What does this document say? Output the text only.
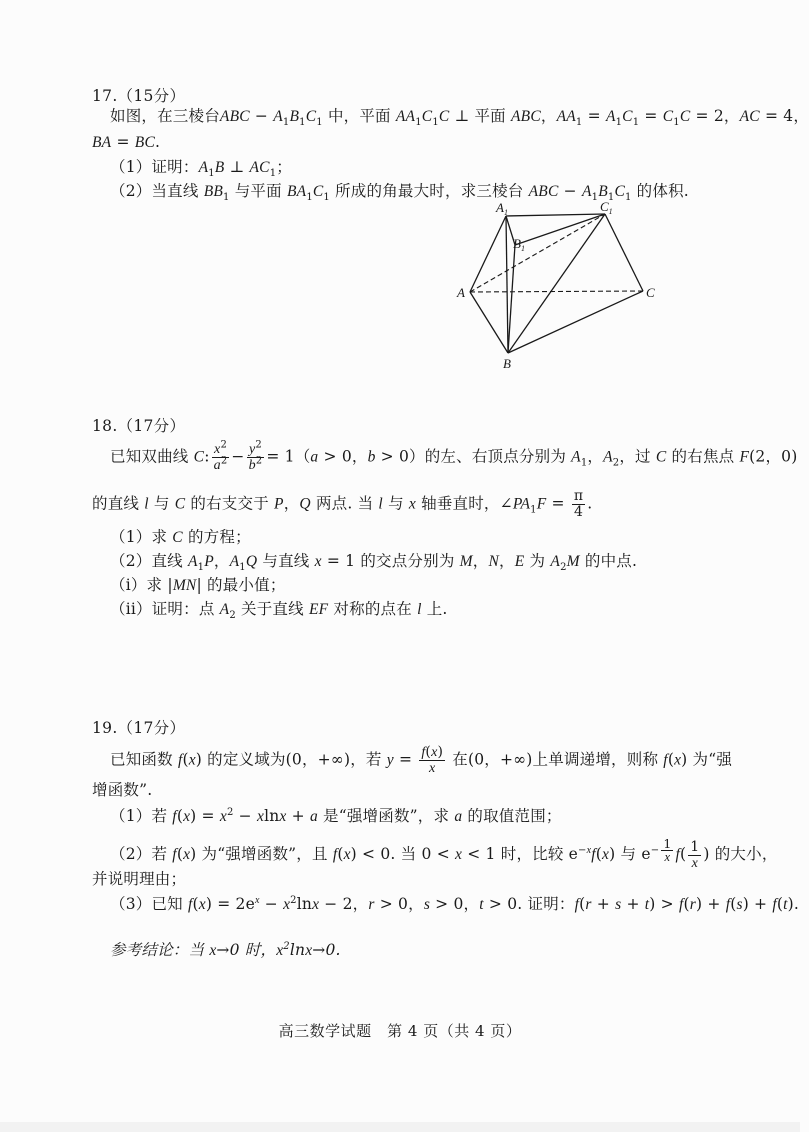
17.（15分）
如图，在三棱台ABC − $A_1B_1C_1$ 中，平面 $AA_1C_1C$ ⊥ 平面 ABC，$AA_1 = A_1C_1 = C_1C = 2$，AC = 4，
BA = BC.
（1）证明：$A_1B$ ⊥ $AC_1$；
（2）当直线 $BB_1$ 与平面 $BA_1C_1$ 所成的角最大时，求三棱台 ABC − $A_1B_1C_1$ 的体积.
$A_1$	$C_1$
$B_1$
A	C
B
18.（17分）
已知双曲线 C: $\frac{x^2}{a^2} - \frac{y^2}{b^2} = 1(a > 0$，b > 0）的左、右顶点分别为 $A_1$，$A_2$，过 C 的右焦点 F(2，0)
的直线 l 与 C 的右支交于 P，Q 两点. 当 l 与 x 轴垂直时，$\angle PA_1F = \frac{\pi}{4}$ .
（1）求 C 的方程；
（2）直线 $A_1P$，$A_1Q$ 与直线 x = 1 的交点分别为 M，N，E 为 $A_2M$ 的中点.
（i）求 |MN| 的最小值；
（ii）证明：点 $A_2$ 关于直线 EF 对称的点在 l 上.
19.（17分）
已知函数 f(x) 的定义域为(0，+∞)，若 $y = \frac{f(x)}{x}$ 在(0，+∞)上单调递增，则称 f(x) 为“强
增函数”.
（1）若 $f(x) = x^2 - xlnx + a$ 是“强增函数”，求 a 的取值范围；
（2）若 f(x) 为“强增函数”，且 f(x) < 0. 当 0 < x < 1 时，比较 $e^{-x}f(x)$ 与 $e^{- \frac{1}{x}}$ $f( \frac{1}{x}$ ) 的大小，
并说明理由；
（3）已知 $f(x) = 2e^x - x^2\ln x - 2$，r > 0，s > 0，t > 0. 证明：f(r + s + t) > f(r) + f(s) + f(t).
参考结论：当 x→0 时，$x^2\ln x\to 0$.
高三数学试题　第 4 页（共 4 页）
